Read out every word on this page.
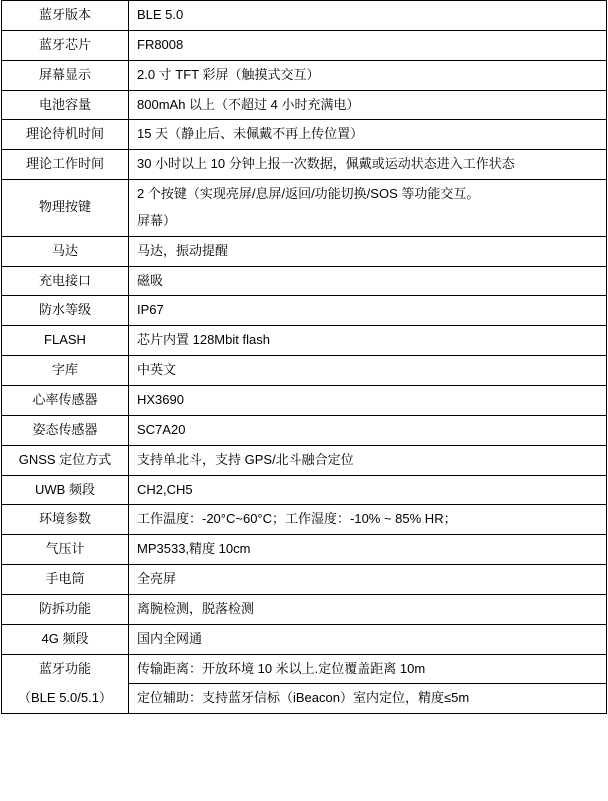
蓝牙版本	BLE 5.0
蓝牙芯片	FR8008
屏幕显示	2.0 寸 TFT 彩屏（触摸式交互）
电池容量	800mAh 以上（不超过 4 小时充满电）
理论待机时间	15 天（静止后、未佩戴不再上传位置）
理论工作时间	30 小时以上 10 分钟上报一次数据，佩戴或运动状态进入工作状态
物理按键	2 个按键（实现亮屏/息屏/返回/功能切换/SOS 等功能交互。
屏幕）

马达	马达，振动提醒
充电接口	磁吸
防水等级	IP67
FLASH	芯片内置 128Mbit flash
字库	中英文
心率传感器	HX3690
姿态传感器	SC7A20
GNSS 定位方式	支持单北斗，支持 GPS/北斗融合定位
UWB 频段	CH2,CH5
环境参数	工作温度：-20°C~60°C；工作湿度：-10% ~ 85% HR；
气压计	MP3533,精度 10cm
手电筒	全亮屏
防拆功能	离腕检测，脱落检测
4G 频段	国内全网通

蓝牙功能
（BLE 5.0/5.1）	传输距离：开放环境 10 米以上.定位覆盖距离 10m
	定位辅助：支持蓝牙信标（iBeacon）室内定位，精度≤5m
